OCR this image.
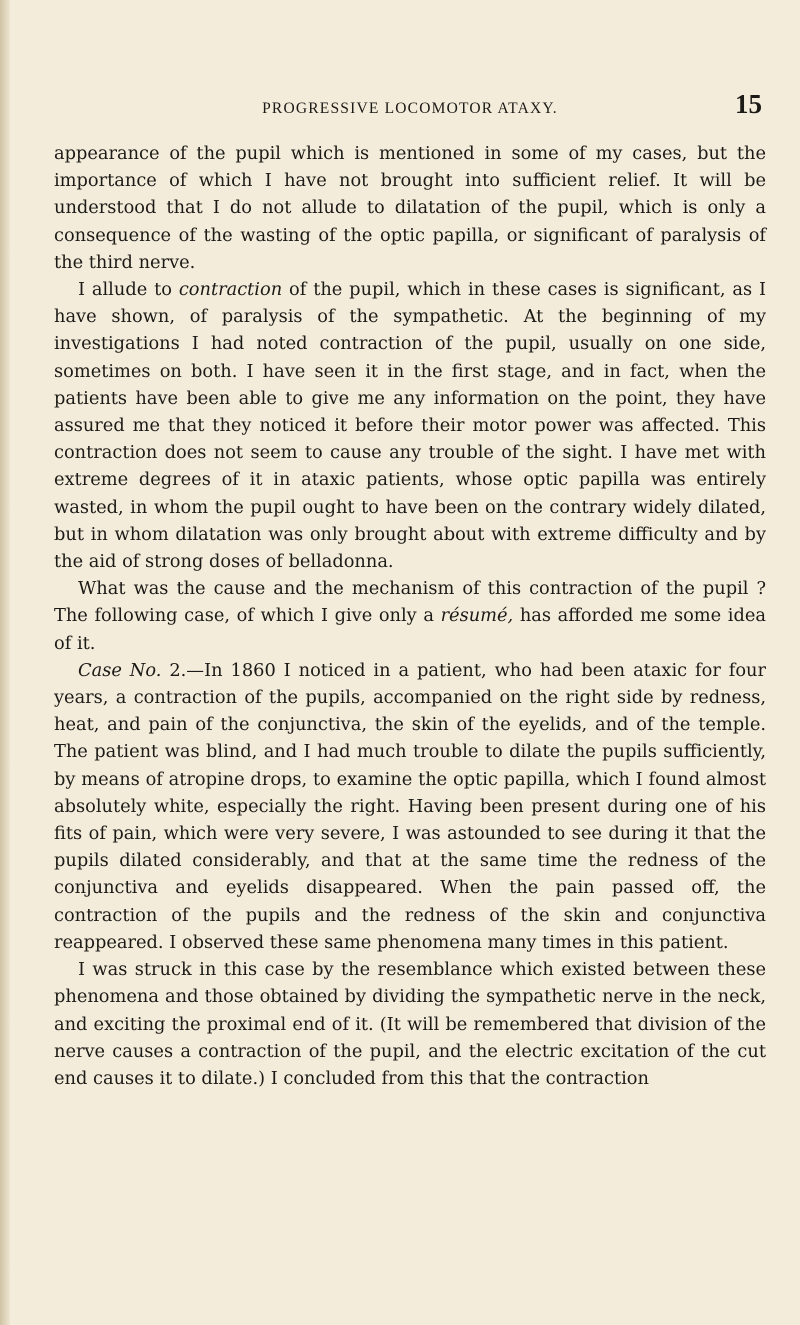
PROGRESSIVE LOCOMOTOR ATAXY.	15

appearance of the pupil which is mentioned in some of my cases, but the importance of which I have not brought into sufficient relief. It will be understood that I do not allude to dilatation of the pupil, which is only a consequence of the wasting of the optic papilla, or significant of paralysis of the third nerve.

I allude to contraction of the pupil, which in these cases is significant, as I have shown, of paralysis of the sympathetic. At the beginning of my investigations I had noted contraction of the pupil, usually on one side, sometimes on both. I have seen it in the first stage, and in fact, when the patients have been able to give me any information on the point, they have assured me that they noticed it before their motor power was affected. This contraction does not seem to cause any trouble of the sight. I have met with extreme degrees of it in ataxic patients, whose optic papilla was entirely wasted, in whom the pupil ought to have been on the contrary widely dilated, but in whom dilatation was only brought about with extreme difficulty and by the aid of strong doses of belladonna.

What was the cause and the mechanism of this contraction of the pupil ? The following case, of which I give only a résumé, has afforded me some idea of it.

Case No. 2.—In 1860 I noticed in a patient, who had been ataxic for four years, a contraction of the pupils, accompanied on the right side by redness, heat, and pain of the conjunctiva, the skin of the eyelids, and of the temple. The patient was blind, and I had much trouble to dilate the pupils sufficiently, by means of atropine drops, to examine the optic papilla, which I found almost absolutely white, especially the right. Having been present during one of his fits of pain, which were very severe, I was astounded to see during it that the pupils dilated considerably, and that at the same time the redness of the conjunctiva and eyelids disappeared. When the pain passed off, the contraction of the pupils and the redness of the skin and conjunctiva reappeared. I observed these same phenomena many times in this patient.

I was struck in this case by the resemblance which existed between these phenomena and those obtained by dividing the sympathetic nerve in the neck, and exciting the proximal end of it. (It will be remembered that division of the nerve causes a contraction of the pupil, and the electric excitation of the cut end causes it to dilate.) I concluded from this that the contraction
